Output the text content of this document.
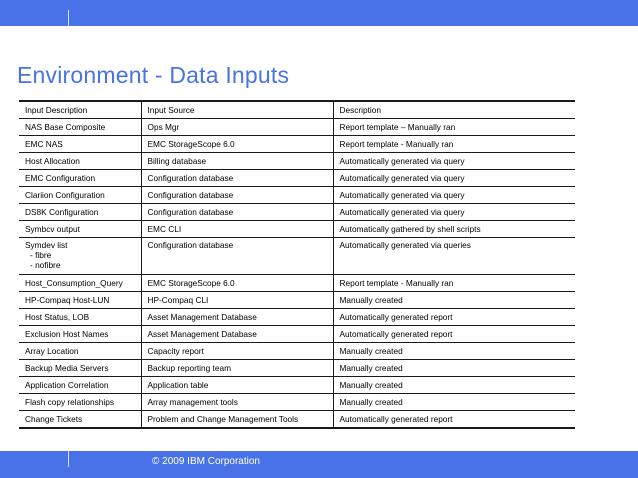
Environment - Data Inputs
Input Description	Input Source	Description
NAS Base Composite	Ops Mgr	Report template – Manually ran
EMC NAS	EMC StorageScope 6.0	Report template - Manually ran
Host Allocation	Billing database	Automatically generated via query
EMC Configuration	Configuration database	Automatically generated via query
Clariion Configuration	Configuration database	Automatically generated via query
DS8K Configuration	Configuration database	Automatically generated via query
Symbcv output	EMC CLI	Automatically gathered by shell scripts
Symdev list
- fibre
- nofibre	Configuration database	Automatically generated via queries
Host_Consumption_Query	EMC StorageScope 6.0	Report template - Manually ran
HP-Compaq Host-LUN	HP-Compaq CLI	Manually created
Host Status, LOB	Asset Management Database	Automatically generated report
Exclusion Host Names	Asset Management Database	Automatically generated report
Array Location	Capacity report	Manually created
Backup Media Servers	Backup reporting team	Manually created
Application Correlation	Application table	Manually created
Flash copy relationships	Array management tools	Manually created
Change Tickets	Problem and Change Management Tools	Automatically generated report
© 2009 IBM Corporation
